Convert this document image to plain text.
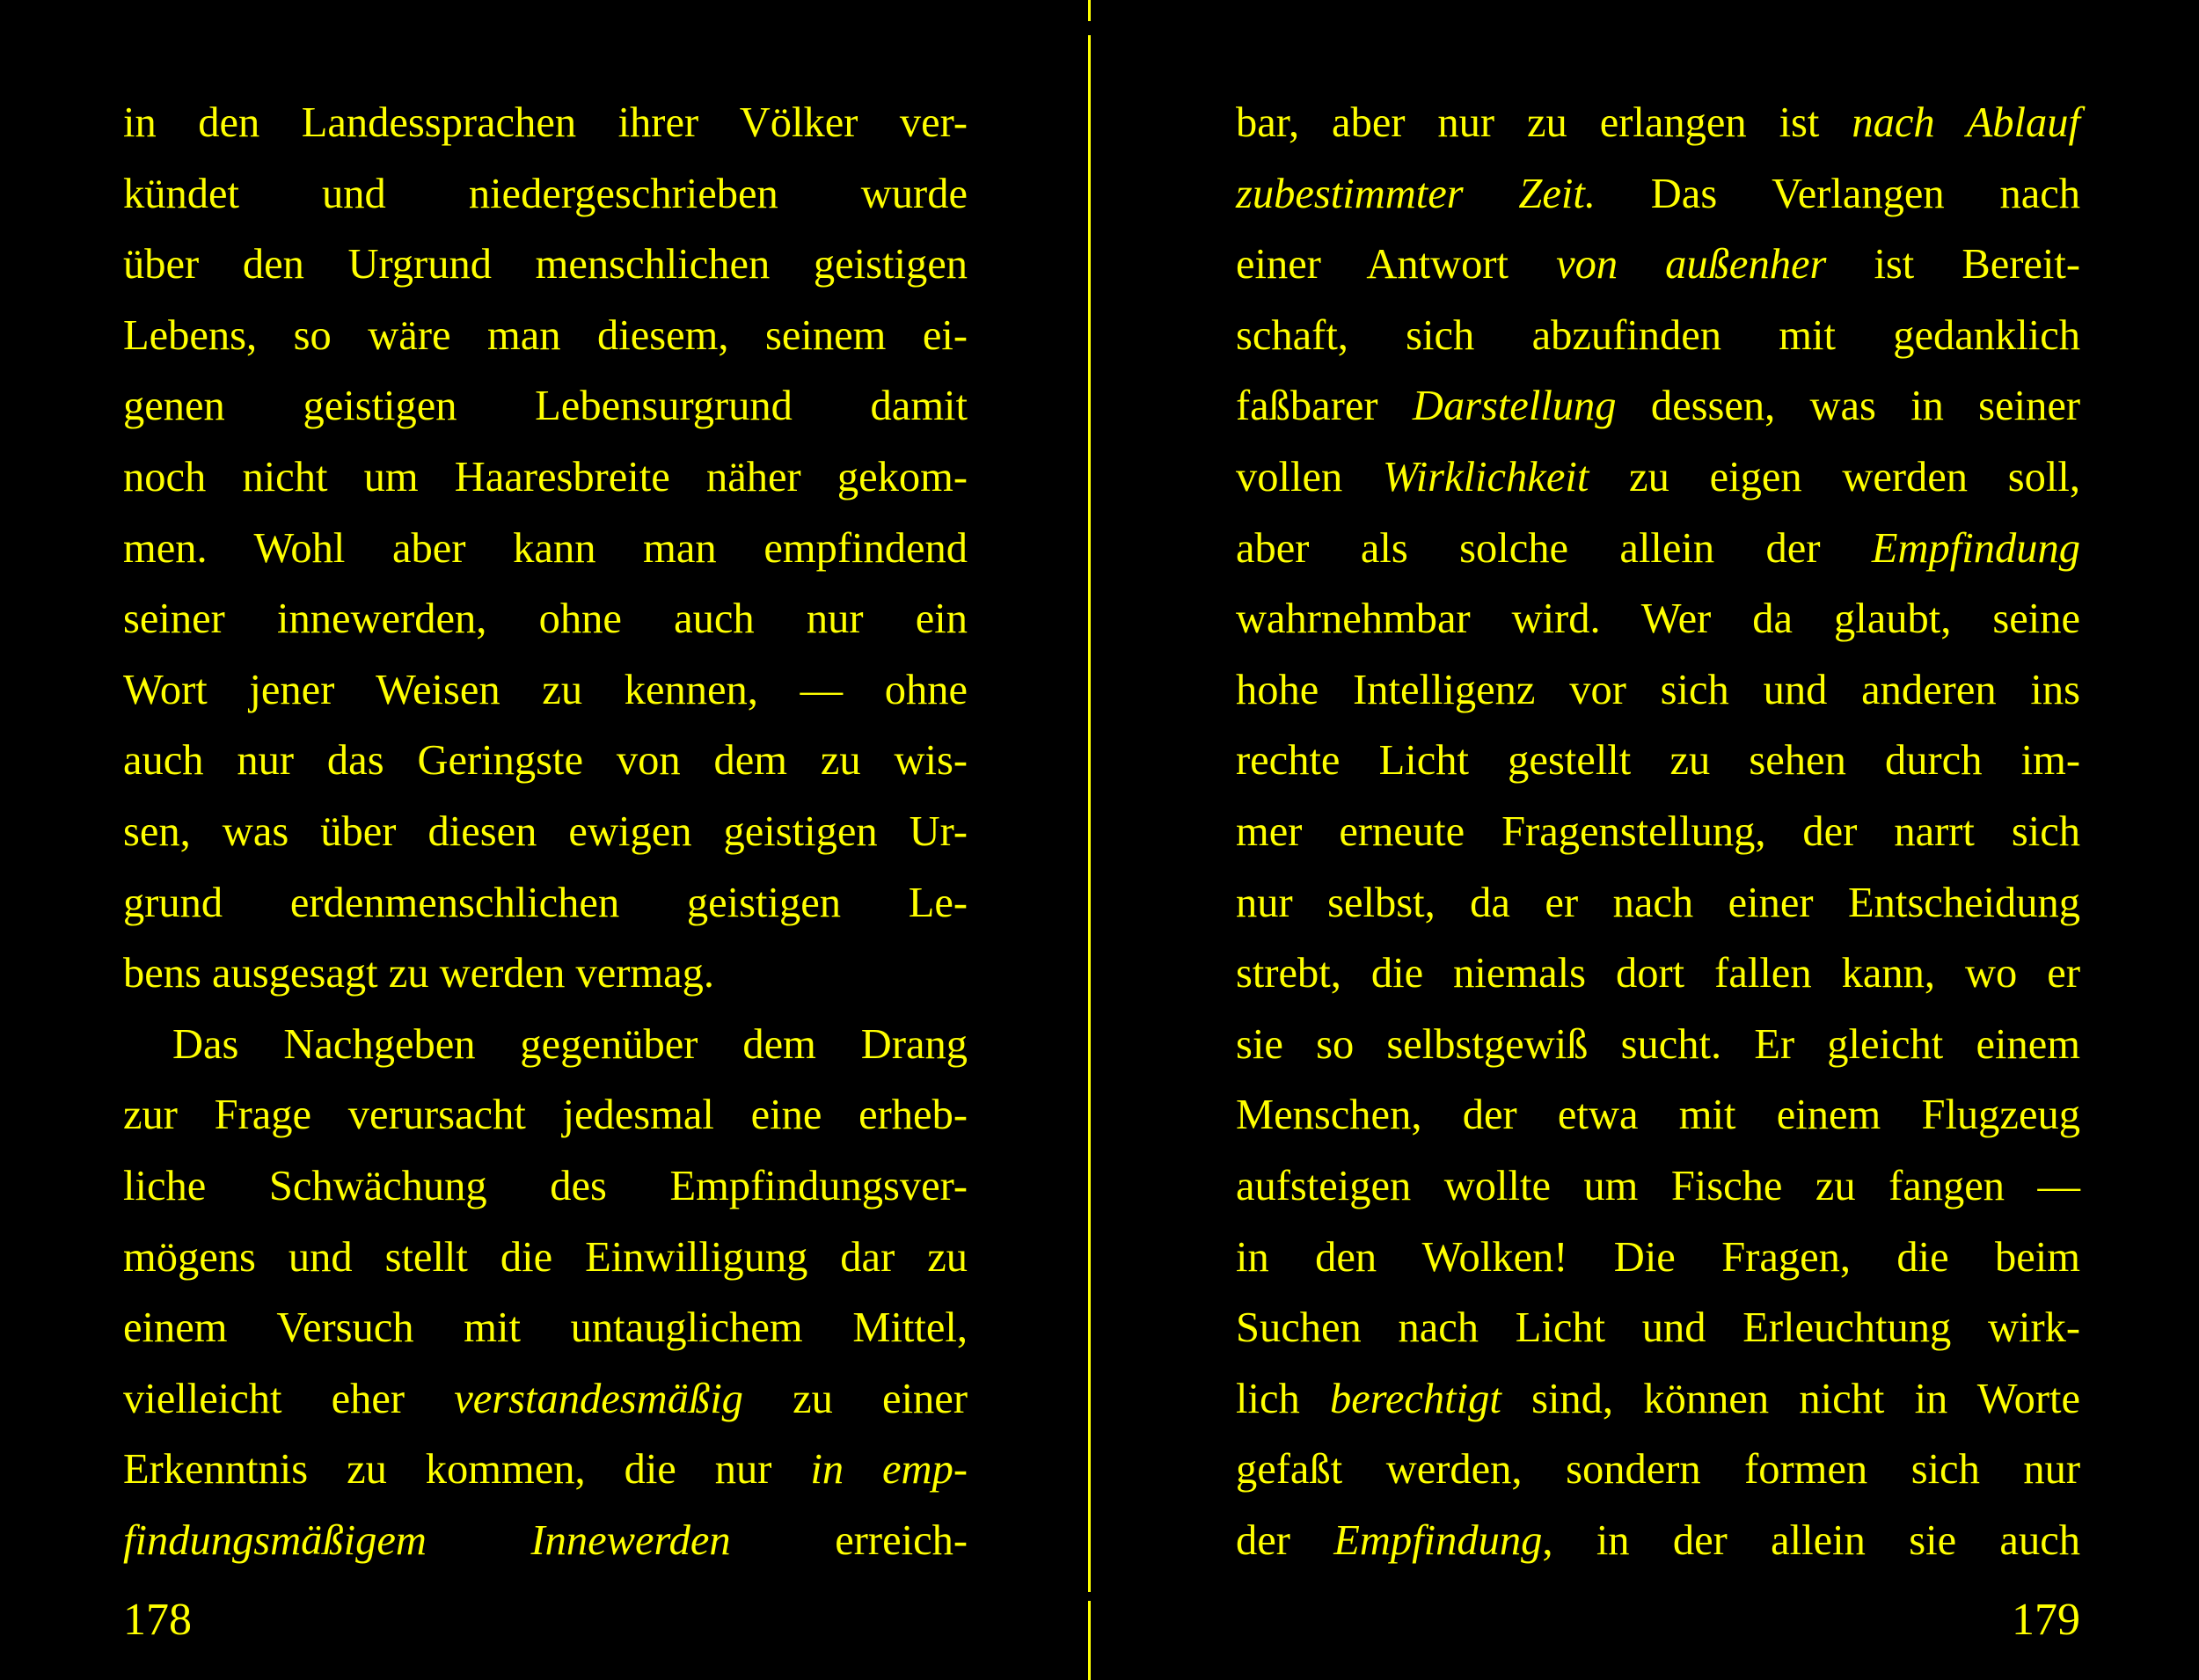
in den Landessprachen ihrer Völker ver-
kündet und niedergeschrieben wurde
über den Urgrund menschlichen geistigen
Lebens, so wäre man diesem, seinem ei-
genen geistigen Lebensurgrund damit
noch nicht um Haaresbreite näher gekom-
men. Wohl aber kann man empfindend
seiner innewerden, ohne auch nur ein
Wort jener Weisen zu kennen, — ohne
auch nur das Geringste von dem zu wis-
sen, was über diesen ewigen geistigen Ur-
grund erdenmenschlichen geistigen Le-
bens ausgesagt zu werden vermag.
Das Nachgeben gegenüber dem Drang
zur Frage verursacht jedesmal eine erheb-
liche Schwächung des Empfindungsver-
mögens und stellt die Einwilligung dar zu
einem Versuch mit untauglichem Mittel,
vielleicht eher verstandesmäßig zu einer
Erkenntnis zu kommen, die nur in emp-
findungsmäßigem Innewerden erreich-
178
bar, aber nur zu erlangen ist nach Ablauf
zubestimmter Zeit. Das Verlangen nach
einer Antwort von außenher ist Bereit-
schaft, sich abzufinden mit gedanklich
faßbarer Darstellung dessen, was in seiner
vollen Wirklichkeit zu eigen werden soll,
aber als solche allein der Empfindung
wahrnehmbar wird. Wer da glaubt, seine
hohe Intelligenz vor sich und anderen ins
rechte Licht gestellt zu sehen durch im-
mer erneute Fragenstellung, der narrt sich
nur selbst, da er nach einer Entscheidung
strebt, die niemals dort fallen kann, wo er
sie so selbstgewiß sucht. Er gleicht einem
Menschen, der etwa mit einem Flugzeug
aufsteigen wollte um Fische zu fangen —
in den Wolken! Die Fragen, die beim
Suchen nach Licht und Erleuchtung wirk-
lich berechtigt sind, können nicht in Worte
gefaßt werden, sondern formen sich nur
der Empfindung, in der allein sie auch
179
